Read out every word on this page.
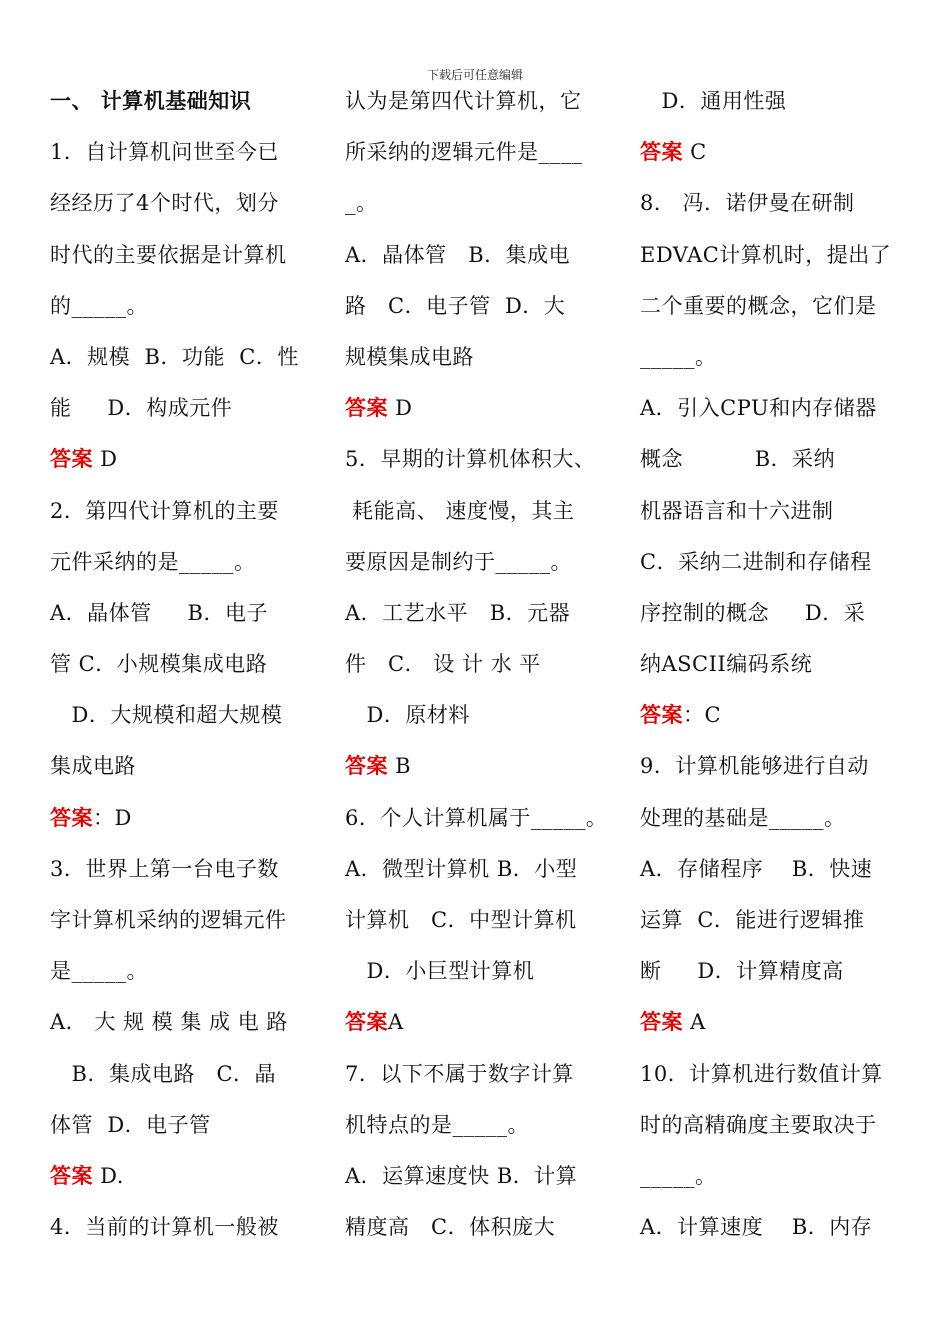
下载后可任意编辑
一、 计算机基础知识
1．自计算机问世至今已
经经历了4个时代，划分
时代的主要依据是计算机
的_____。
A．规模  B．功能  C．性
能     D．构成元件
答案 D
2．第四代计算机的主要
元件采纳的是_____。
A．晶体管     B．电子
管 C．小规模集成电路
D．大规模和超大规模
集成电路
答案：D
3．世界上第一台电子数
字计算机采纳的逻辑元件
是_____。
A． 大 规 模 集 成 电 路
B．集成电路   C．晶
体管  D．电子管
答案 D.
4．当前的计算机一般被
认为是第四代计算机，它
所采纳的逻辑元件是____
_。
A．晶体管   B．集成电
路   C．电子管  D．大
规模集成电路
答案 D
5．早期的计算机体积大、
耗能高、 速度慢，其主
要原因是制约于_____。
A．工艺水平   B．元器
件   C． 设 计 水 平
D．原材料
答案 B
6．个人计算机属于_____。
A．微型计算机 B．小型
计算机   C．中型计算机
D．小巨型计算机
答案A
7．以下不属于数字计算
机特点的是_____。
A．运算速度快 B．计算
精度高   C．体积庞大
D．通用性强
答案 C
8． 冯．诺伊曼在研制
EDVAC计算机时，提出了
二个重要的概念，它们是
_____。
A．引入CPU和内存储器
概念          B．采纳
机器语言和十六进制
C．采纳二进制和存储程
序控制的概念     D．采
纳ASCII编码系统
答案：C
9．计算机能够进行自动
处理的基础是_____。
A．存储程序    B．快速
运算  C．能进行逻辑推
断     D．计算精度高
答案 A
10．计算机进行数值计算
时的高精确度主要取决于
_____。
A．计算速度    B．内存
